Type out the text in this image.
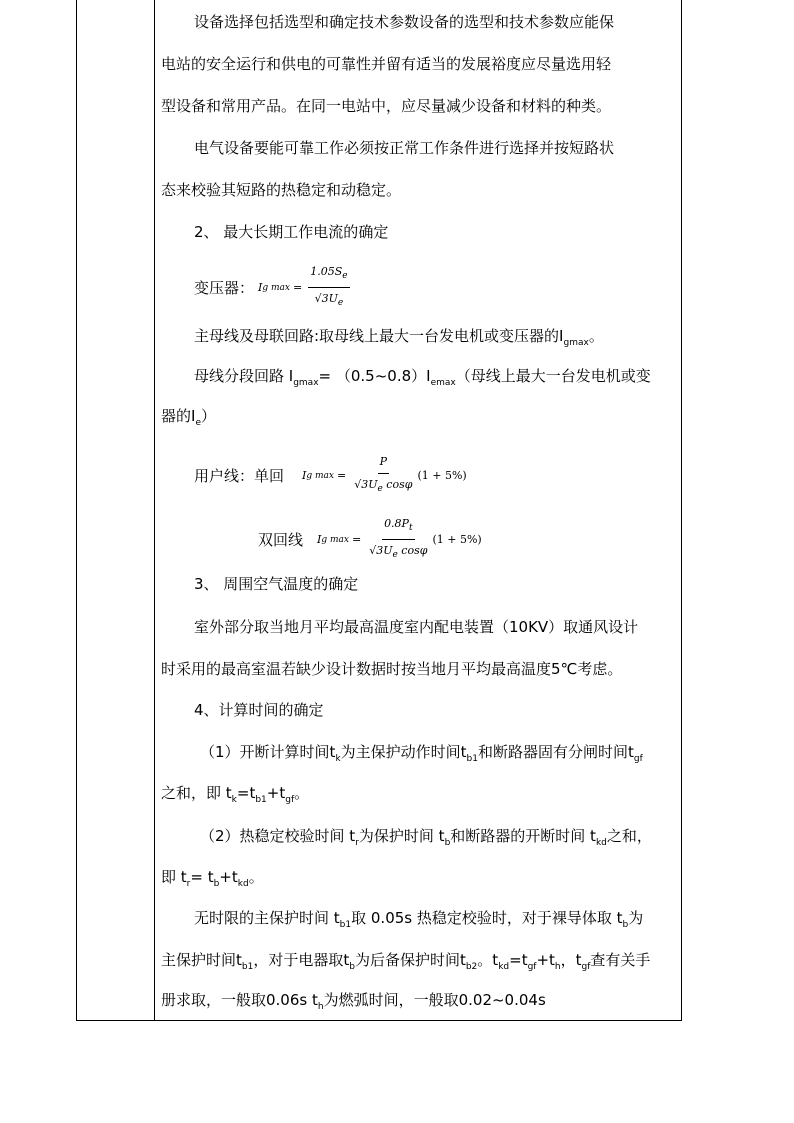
设备选择包括选型和确定技术参数设备的选型和技术参数应能保
电站的安全运行和供电的可靠性并留有适当的发展裕度应尽量选用轻
型设备和常用产品。在同一电站中，应尽量减少设备和材料的种类。
电气设备要能可靠工作必须按正常工作条件进行选择并按短路状
态来校验其短路的热稳定和动稳定。
2、 最大长期工作电流的确定
变压器： I g $\max = \frac{1.05S_e}{√3U_e}$
主母线及母联回路:取母线上最大一台发电机或变压器的$I_{gmax}$。
母线分段回路 $I_{gmax}=$ $(0.5\sim 0.8)I_{emax}$（母线上最大一台发电机或变
器的$I_e$）
用户线：单回 I g $\max = \frac{P}{√3U_e \cos\varphi} (1 + 5\%)$
双回线 I g $\max = \frac{0.8P_t}{√3U_e \cos\varphi} (1 + 5\%)$
3、 周围空气温度的确定
室外部分取当地月平均最高温度室内配电装置（10KV）取通风设计
时采用的最高室温若缺少设计数据时按当地月平均最高温度5℃考虑。
4、计算时间的确定
（1）开断计算时间$t_k$为主保护动作时间$t_{b1}$和断路器固有分闸时间$t_{gf}$
之和，即 $t_k=t_{b1}+t_{gf}$。
（2）热稳定校验时间 $t_r$为保护时间 $t_b$和断路器的开断时间 $t_{kd}$之和，
即 $t_r= t_b+t_{kd}$。
无时限的主保护时间 $t_{b1}$取 0.05s 热稳定校验时，对于裸导体取 $t_b$为
主保护时间$t_{b1}$，对于电器取$t_b$为后备保护时间$t_{b2}$。$t_{kd}=t_{gf}+t_h$，$t_{gf}$查有关手
册求取，一般取0.06s $t_h$为燃弧时间，一般取0.02~0.04s
